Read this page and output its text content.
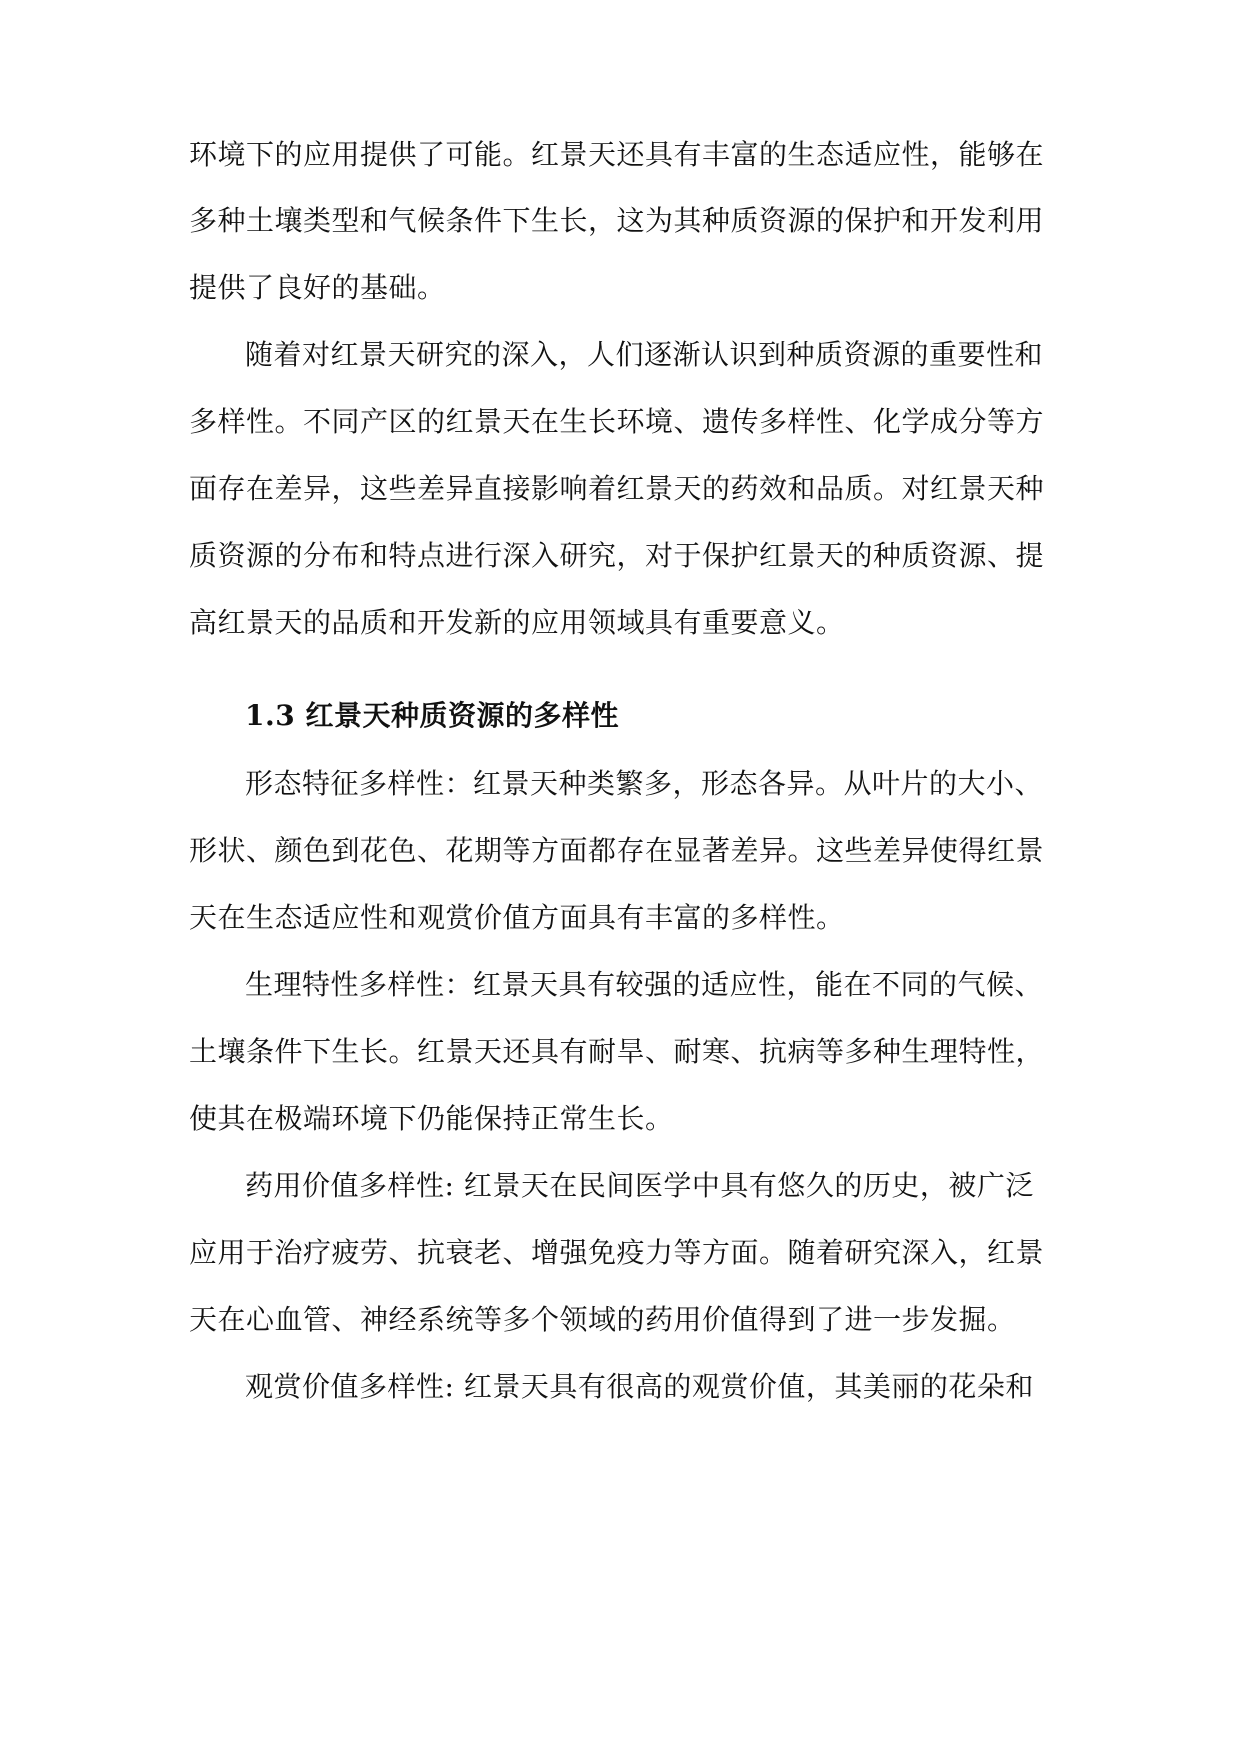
环境下的应用提供了可能。红景天还具有丰富的生态适应性，能够在
多种土壤类型和气候条件下生长，这为其种质资源的保护和开发利用
提供了良好的基础。
随着对红景天研究的深入，人们逐渐认识到种质资源的重要性和
多样性。不同产区的红景天在生长环境、遗传多样性、化学成分等方
面存在差异，这些差异直接影响着红景天的药效和品质。对红景天种
质资源的分布和特点进行深入研究，对于保护红景天的种质资源、提
高红景天的品质和开发新的应用领域具有重要意义。
1.3 红景天种质资源的多样性
形态特征多样性：红景天种类繁多，形态各异。从叶片的大小、
形状、颜色到花色、花期等方面都存在显著差异。这些差异使得红景
天在生态适应性和观赏价值方面具有丰富的多样性。
生理特性多样性：红景天具有较强的适应性，能在不同的气候、
土壤条件下生长。红景天还具有耐旱、耐寒、抗病等多种生理特性，
使其在极端环境下仍能保持正常生长。
药用价值多样性: 红景天在民间医学中具有悠久的历史，被广泛
应用于治疗疲劳、抗衰老、增强免疫力等方面。随着研究深入，红景
天在心血管、神经系统等多个领域的药用价值得到了进一步发掘。
观赏价值多样性: 红景天具有很高的观赏价值，其美丽的花朵和
